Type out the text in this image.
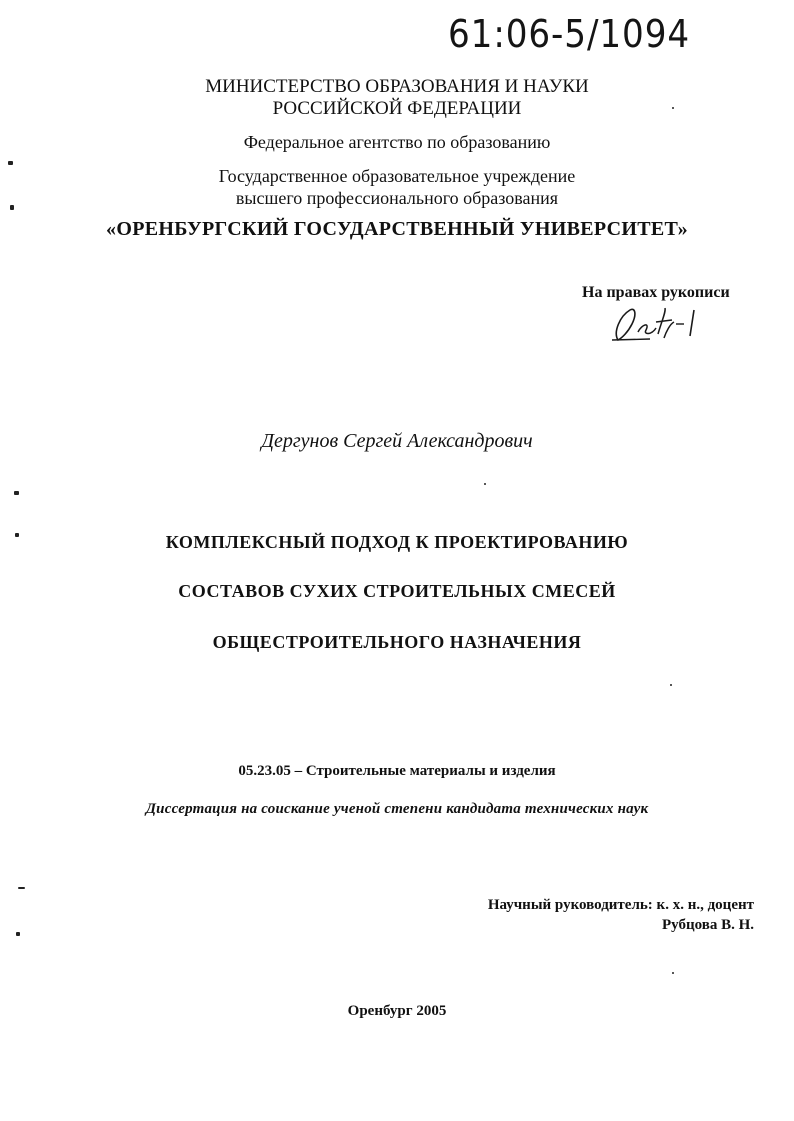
61:06-5/1094
МИНИСТЕРСТВО ОБРАЗОВАНИЯ И НАУКИ
РОССИЙСКОЙ ФЕДЕРАЦИИ
Федеральное агентство по образованию
Государственное образовательное учреждение
высшего профессионального образования
«ОРЕНБУРГСКИЙ ГОСУДАРСТВЕННЫЙ УНИВЕРСИТЕТ»
На правах рукописи
Дергунов Сергей Александрович
КОМПЛЕКСНЫЙ ПОДХОД К ПРОЕКТИРОВАНИЮ
СОСТАВОВ СУХИХ СТРОИТЕЛЬНЫХ СМЕСЕЙ
ОБЩЕСТРОИТЕЛЬНОГО НАЗНАЧЕНИЯ
05.23.05 – Строительные материалы и изделия
Диссертация на соискание ученой степени кандидата технических наук
Научный руководитель: к. х. н., доцент
Рубцова В. Н.
Оренбург 2005
